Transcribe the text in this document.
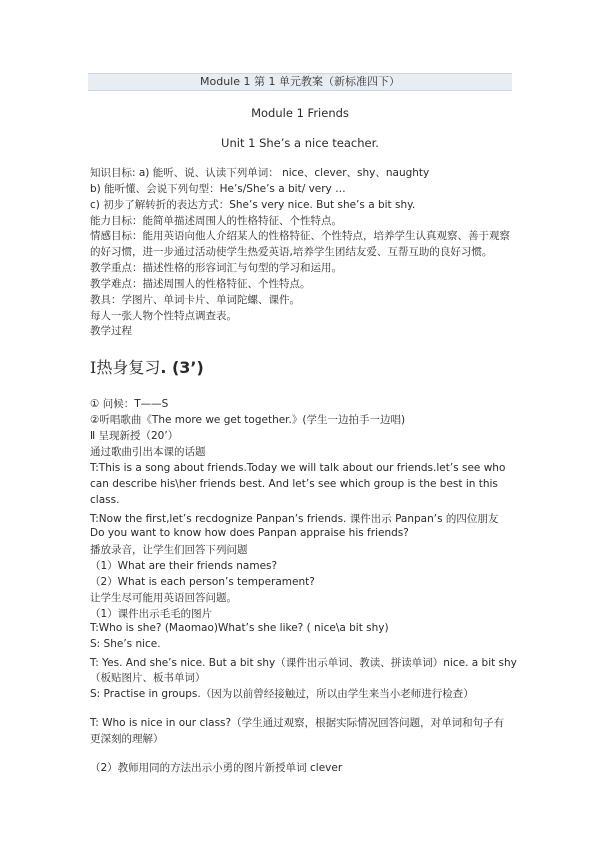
Module 1 第 1 单元教案（新标准四下）
Module 1 Friends
Unit 1 She’s a nice teacher.
知识目标: a) 能听、说、认读下列单词： nice、clever、shy、naughty
b) 能听懂、会说下列句型：He’s/She’s a bit/ very …
c) 初步了解转折的表达方式：She’s very nice. But she’s a bit shy.
能力目标：能简单描述周围人的性格特征、个性特点。
情感目标：能用英语向他人介绍某人的性格特征、个性特点，培养学生认真观察、善于观察
的好习惯，进一步通过活动使学生热爱英语,培养学生团结友爱、互帮互助的良好习惯。
教学重点：描述性格的形容词汇与句型的学习和运用。
教学难点：描述周围人的性格特征、个性特点。
教具：学图片、单词卡片、单词陀螺、课件。
每人一张人物个性特点调查表。
教学过程
Ⅰ热身复习. (3’)
① 问候：T——S
②听唱歌曲《The more we get together.》(学生一边拍手一边唱)
Ⅱ 呈现新授（20’）
通过歌曲引出本课的话题
T:This is a song about friends.Today we will talk about our friends.let’s see who
can describe his\her friends best. And let’s see which group is the best in this
class.
T:Now the first,let’s recdognize Panpan’s friends. 课件出示 Panpan’s 的四位朋友
Do you want to know how does Panpan appraise his friends?
播放录音，让学生们回答下列问题
（1）What are their friends names?
（2）What is each person’s temperament?
让学生尽可能用英语回答问题。
（1）课件出示毛毛的图片
T:Who is she? (Maomao)What’s she like? ( nice\a bit shy)
S: She’s nice.
T: Yes. And she’s nice. But a bit shy（课件出示单词、教读、拼读单词）nice. a bit shy
（板贴图片、板书单词）
S: Practise in groups.（因为以前曾经接触过，所以由学生来当小老师进行检查）
T: Who is nice in our class?（学生通过观察，根据实际情况回答问题，对单词和句子有
更深刻的理解）
（2）教师用同的方法出示小勇的图片新授单词 clever
